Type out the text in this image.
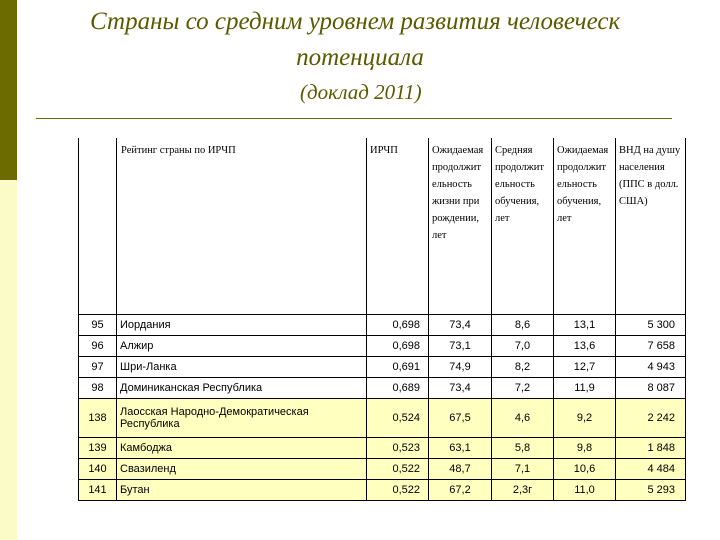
Страны со средним уровнем развития человеческ
потенциала
(доклад 2011)
	Рейтинг страны по ИРЧП	ИРЧП	Ожидаемая продолжит ельность жизни при рождении, лет	Средняя продолжит ельность обучения, лет	Ожидаемая продолжит ельность обучения, лет	ВНД на душу населения (ППС в долл. США)
95	Иордания	0,698	73,4	8,6	13,1	5 300
96	Алжир	0,698	73,1	7,0	13,6	7 658
97	Шри-Ланка	0,691	74,9	8,2	12,7	4 943
98	Доминиканская Республика	0,689	73,4	7,2	11,9	8 087
138	Лаосская Народно-Демократическая Республика	0,524	67,5	4,6	9,2	2 242
139	Камбоджа	0,523	63,1	5,8	9,8	1 848
140	Свазиленд	0,522	48,7	7,1	10,6	4 484
141	Бутан	0,522	67,2	2,3г	11,0	5 293
